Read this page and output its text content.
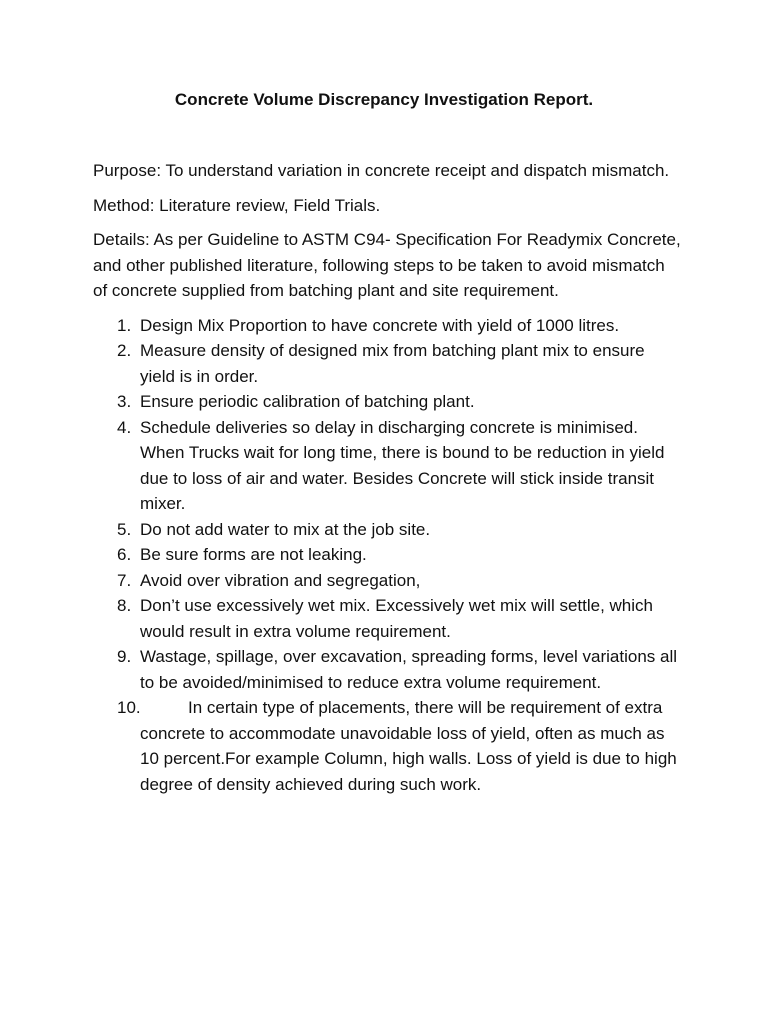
Concrete Volume Discrepancy Investigation Report.

Purpose: To understand variation in concrete receipt and dispatch mismatch.

Method: Literature review, Field Trials.

Details: As per Guideline to ASTM C94- Specification For Readymix Concrete, and other published literature, following steps to be taken to avoid mismatch of concrete supplied from batching plant and site requirement.

1. Design Mix Proportion to have concrete with yield of 1000 litres.
2. Measure density of designed mix from batching plant mix to ensure yield is in order.
3. Ensure periodic calibration of batching plant.
4. Schedule deliveries so delay in discharging concrete is minimised. When Trucks wait for long time, there is bound to be reduction in yield due to loss of air and water. Besides Concrete will stick inside transit mixer.
5. Do not add water to mix at the job site.
6. Be sure forms are not leaking.
7. Avoid over vibration and segregation,
8. Don’t use excessively wet mix. Excessively wet mix will settle, which would result in extra volume requirement.
9. Wastage, spillage, over excavation, spreading forms, level variations all to be avoided/minimised to reduce extra volume requirement.
10.	In certain type of placements, there will be requirement of extra concrete to accommodate unavoidable loss of yield, often as much as 10 percent.For example Column, high walls. Loss of yield is due to high degree of density achieved during such work.
